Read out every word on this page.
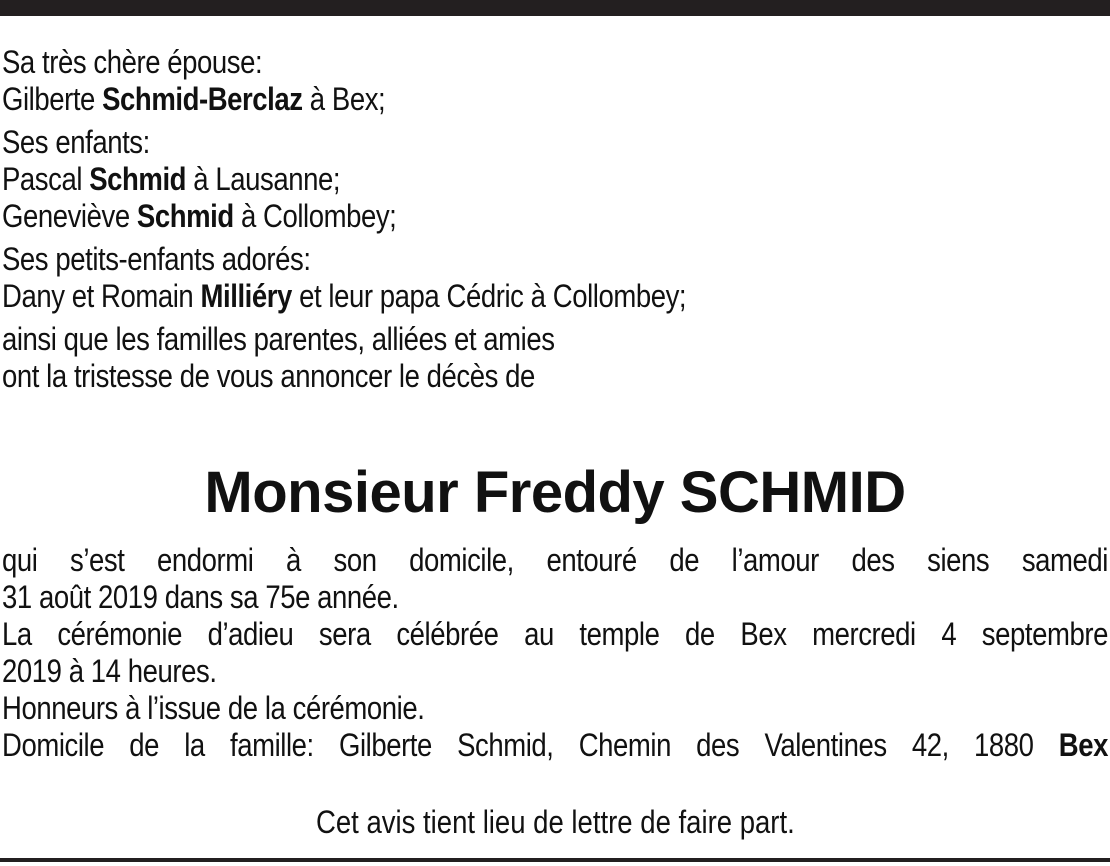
Sa très chère épouse:
Gilberte Schmid-Berclaz à Bex;
Ses enfants:
Pascal Schmid à Lausanne;
Geneviève Schmid à Collombey;
Ses petits-enfants adorés:
Dany et Romain Milliéry et leur papa Cédric à Collombey;
ainsi que les familles parentes, alliées et amies
ont la tristesse de vous annoncer le décès de
Monsieur Freddy SCHMID
qui s’est endormi à son domicile, entouré de l’amour des siens samedi
31 août 2019 dans sa 75e année.
La cérémonie d’adieu sera célébrée au temple de Bex mercredi 4 septembre
2019 à 14 heures.
Honneurs à l’issue de la cérémonie.
Domicile de la famille: Gilberte Schmid, Chemin des Valentines 42, 1880 Bex
Cet avis tient lieu de lettre de faire part.
